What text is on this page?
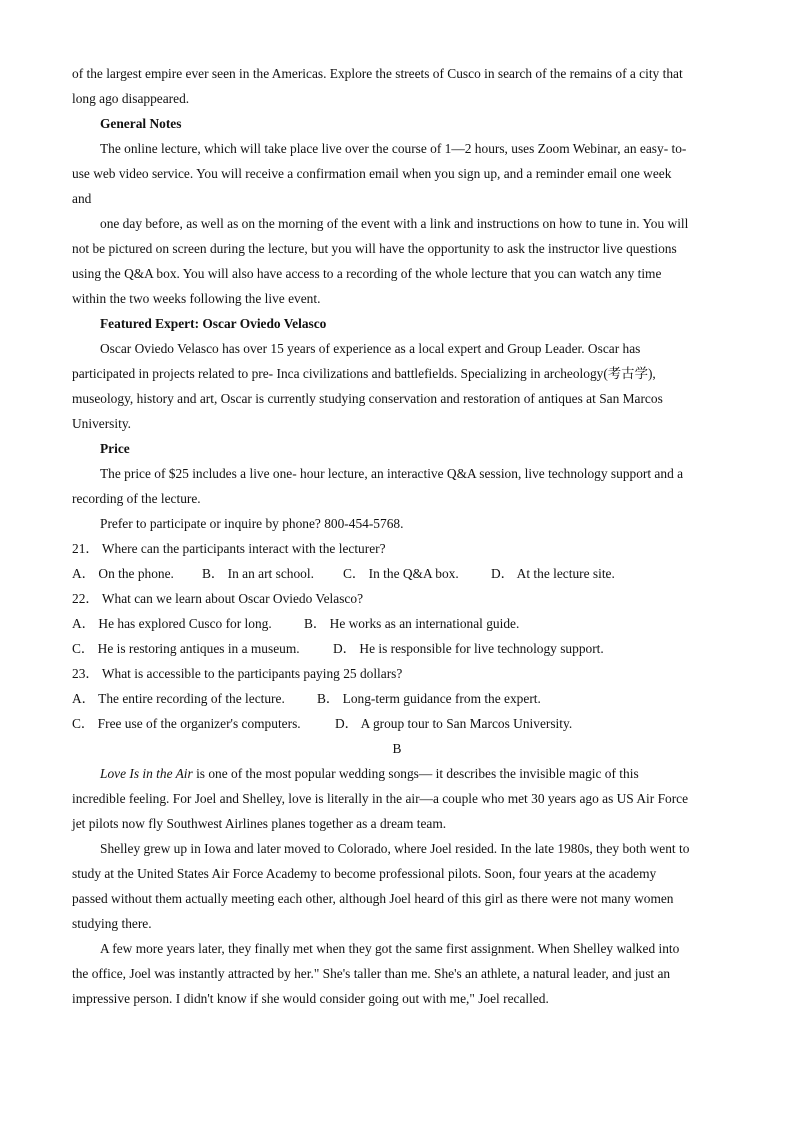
of the largest empire ever seen in the Americas. Explore the streets of Cusco in search of the remains of a city that
long ago disappeared.
General Notes
The online lecture, which will take place live over the course of 1—2 hours, uses Zoom Webinar, an easy- to-
use web video service. You will receive a confirmation email when you sign up, and a reminder email one week
and
one day before, as well as on the morning of the event with a link and instructions on how to tune in. You will
not be pictured on screen during the lecture, but you will have the opportunity to ask the instructor live questions
using the Q&A box. You will also have access to a recording of the whole lecture that you can watch any time
within the two weeks following the live event.
Featured Expert: Oscar Oviedo Velasco
Oscar Oviedo Velasco has over 15 years of experience as a local expert and Group Leader. Oscar has
participated in projects related to pre- Inca civilizations and battlefields. Specializing in archeology(考古学),
museology, history and art, Oscar is currently studying conservation and restoration of antiques at San Marcos
University.
Price
The price of $25 includes a live one- hour lecture, an interactive Q&A session, live technology support and a
recording of the lecture.
Prefer to participate or inquire by phone? 800-454-5768.
21． Where can the participants interact with the lecturer?
A． On the phone.	B． In an art school.	C． In the Q&A box.	D． At the lecture site.
22． What can we learn about Oscar Oviedo Velasco?
A． He has explored Cusco for long.	B． He works as an international guide.
C． He is restoring antiques in a museum.	D． He is responsible for live technology support.
23． What is accessible to the participants paying 25 dollars?
A． The entire recording of the lecture.	B． Long-term guidance from the expert.
C． Free use of the organizer's computers.	D． A group tour to San Marcos University.
B
Love Is in the Air is one of the most popular wedding songs— it describes the invisible magic of this
incredible feeling. For Joel and Shelley, love is literally in the air—a couple who met 30 years ago as US Air Force
jet pilots now fly Southwest Airlines planes together as a dream team.
Shelley grew up in Iowa and later moved to Colorado, where Joel resided. In the late 1980s, they both went to
study at the United States Air Force Academy to become professional pilots. Soon, four years at the academy
passed without them actually meeting each other, although Joel heard of this girl as there were not many women
studying there.
A few more years later, they finally met when they got the same first assignment. When Shelley walked into
the office, Joel was instantly attracted by her." She's taller than me. She's an athlete, a natural leader, and just an
impressive person. I didn't know if she would consider going out with me," Joel recalled.
